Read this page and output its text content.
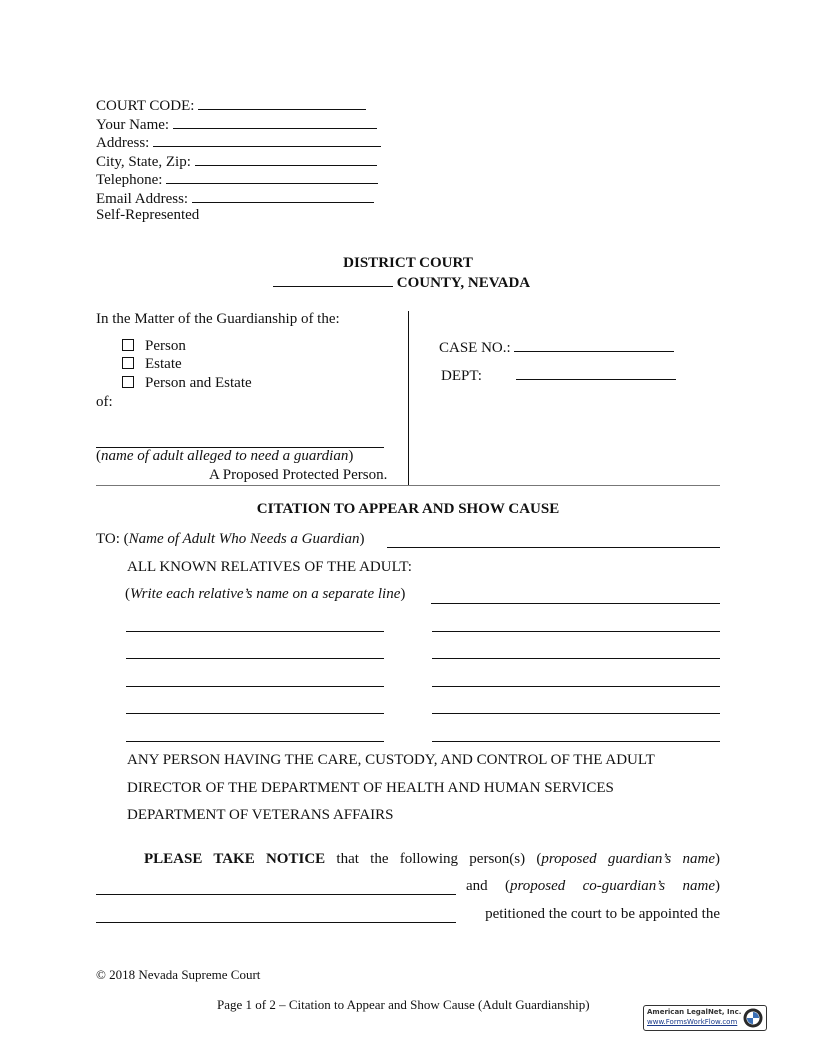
COURT CODE:
Your Name:
Address:
City, State, Zip:
Telephone:
Email Address:
Self-Represented
DISTRICT COURT
COUNTY, NEVADA
In the Matter of the Guardianship of the:
Person
Estate
Person and Estate
of:
(name of adult alleged to need a guardian)
A Proposed Protected Person.
CASE NO.:
DEPT:
CITATION TO APPEAR AND SHOW CAUSE
TO: (Name of Adult Who Needs a Guardian)
ALL KNOWN RELATIVES OF THE ADULT:
(Write each relative’s name on a separate line)
ANY PERSON HAVING THE CARE, CUSTODY, AND CONTROL OF THE ADULT
DIRECTOR OF THE DEPARTMENT OF HEALTH AND HUMAN SERVICES
DEPARTMENT OF VETERANS AFFAIRS
PLEASE TAKE NOTICE that the following person(s) (proposed guardian’s name)
and (proposed co-guardian’s name)
petitioned the court to be appointed the
© 2018 Nevada Supreme Court
Page 1 of 2 – Citation to Appear and Show Cause (Adult Guardianship)	American LegalNet, Inc.
www.FormsWorkFlow.com
